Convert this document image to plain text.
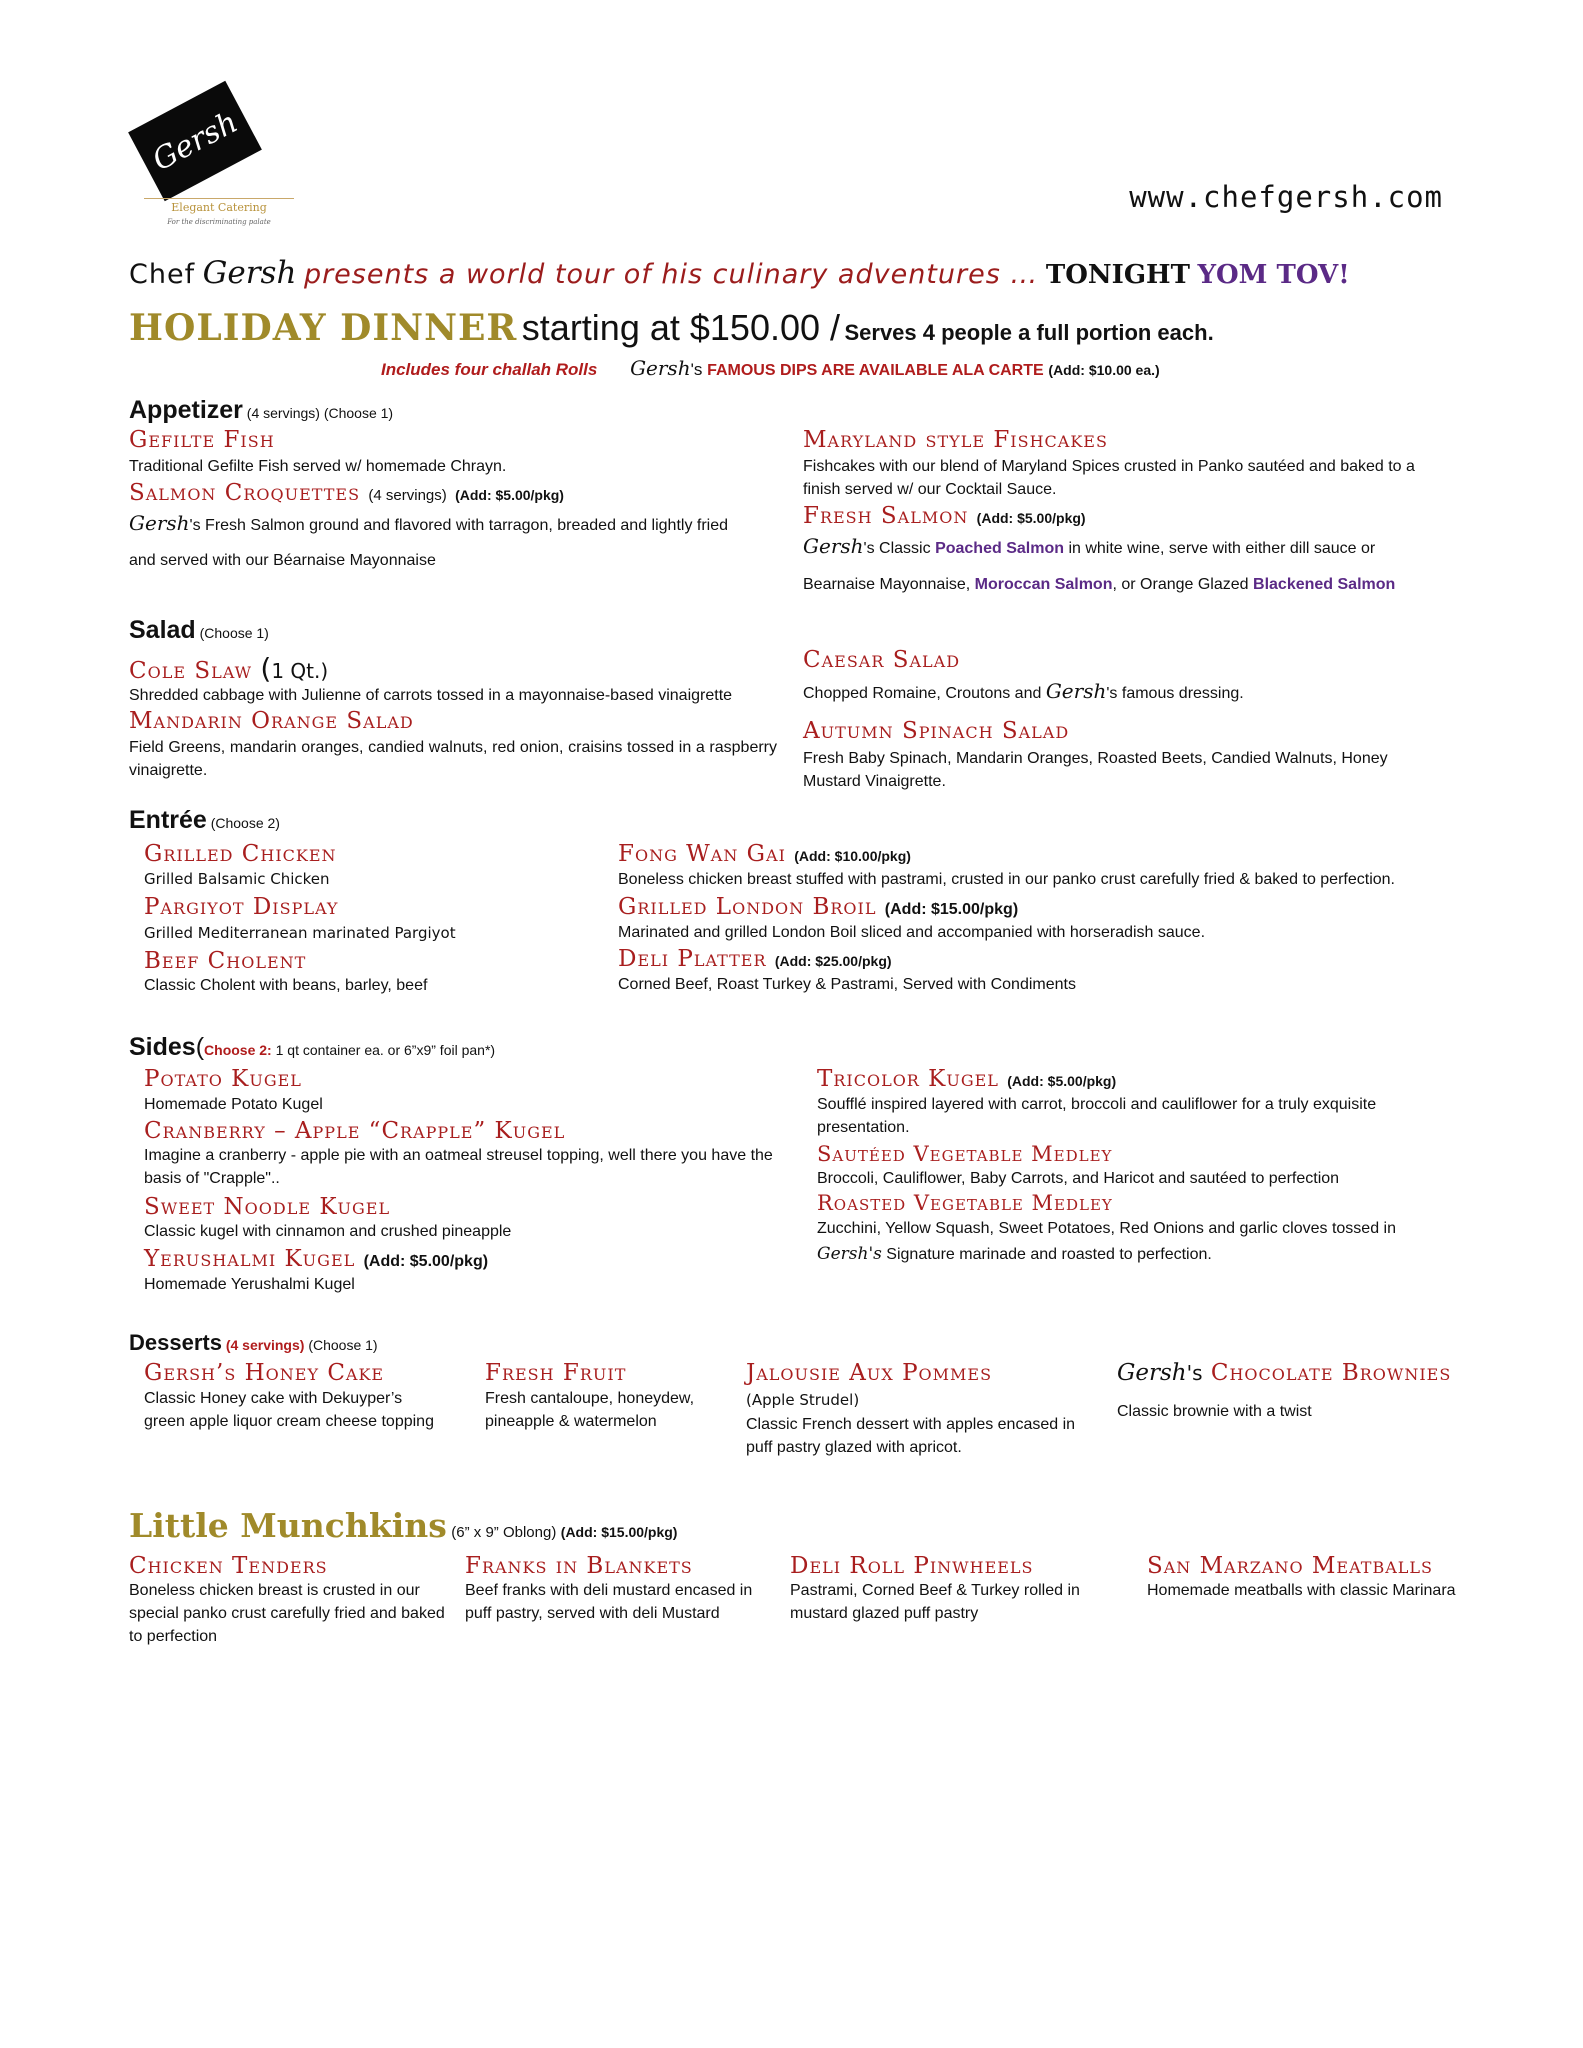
Gersh
Elegant Catering
For the discriminating palate
www.chefgersh.com
Chef Gersh presents a world tour of his culinary adventures … TONIGHT YOM TOV!
HOLIDAY DINNER starting at $150.00 / Serves 4 people a full portion each.
Includes four challah Rolls Gersh's FAMOUS DIPS ARE AVAILABLE ALA CARTE (Add: $10.00 ea.)
Appetizer (4 servings) (Choose 1)
Gefilte Fish
Traditional Gefilte Fish served w/ homemade Chrayn.
Salmon Croquettes (4 servings) (Add: $5.00/pkg)
Gersh's Fresh Salmon ground and flavored with tarragon, breaded and lightly fried
and served with our Béarnaise Mayonnaise
Maryland style Fishcakes
Fishcakes with our blend of Maryland Spices crusted in Panko sautéed and baked to a finish served w/ our Cocktail Sauce.
Fresh Salmon (Add: $5.00/pkg)
Gersh's Classic Poached Salmon in white wine, serve with either dill sauce or
Bearnaise Mayonnaise, Moroccan Salmon, or Orange Glazed Blackened Salmon
Salad (Choose 1)
Cole Slaw (1 Qt.)
Shredded cabbage with Julienne of carrots tossed in a mayonnaise-based vinaigrette
Mandarin Orange Salad
Field Greens, mandarin oranges, candied walnuts, red onion, craisins tossed in a raspberry vinaigrette.
Caesar Salad
Chopped Romaine, Croutons and Gersh's famous dressing.
Autumn Spinach Salad
Fresh Baby Spinach, Mandarin Oranges, Roasted Beets, Candied Walnuts, Honey Mustard Vinaigrette.
Entrée (Choose 2)
Grilled Chicken
Grilled Balsamic Chicken
Pargiyot Display
Grilled Mediterranean marinated Pargiyot
Beef Cholent
Classic Cholent with beans, barley, beef
Fong Wan Gai (Add: $10.00/pkg)
Boneless chicken breast stuffed with pastrami, crusted in our panko crust carefully fried & baked to perfection.
Grilled London Broil (Add: $15.00/pkg)
Marinated and grilled London Boil sliced and accompanied with horseradish sauce.
Deli Platter (Add: $25.00/pkg)
Corned Beef, Roast Turkey & Pastrami, Served with Condiments
Sides(Choose 2: 1 qt container ea. or 6”x9” foil pan*)
Potato Kugel
Homemade Potato Kugel
Cranberry – Apple “Crapple” Kugel
Imagine a cranberry - apple pie with an oatmeal streusel topping, well there you have the basis of "Crapple"..
Sweet Noodle Kugel
Classic kugel with cinnamon and crushed pineapple
Yerushalmi Kugel (Add: $5.00/pkg)
Homemade Yerushalmi Kugel
Tricolor Kugel (Add: $5.00/pkg)
Soufflé inspired layered with carrot, broccoli and cauliflower for a truly exquisite presentation.
Sautéed Vegetable Medley
Broccoli, Cauliflower, Baby Carrots, and Haricot and sautéed to perfection
Roasted Vegetable Medley
Zucchini, Yellow Squash, Sweet Potatoes, Red Onions and garlic cloves tossed in
Gersh's Signature marinade and roasted to perfection.
Desserts (4 servings) (Choose 1)
Gersh’s Honey Cake
Classic Honey cake with Dekuyper’s green apple liquor cream cheese topping
Fresh Fruit
Fresh cantaloupe, honeydew, pineapple & watermelon
Jalousie Aux Pommes
(Apple Strudel)
Classic French dessert with apples encased in puff pastry glazed with apricot.
Gersh's Chocolate Brownies
Classic brownie with a twist
Little Munchkins (6” x 9” Oblong) (Add: $15.00/pkg)
Chicken Tenders
Boneless chicken breast is crusted in our special panko crust carefully fried and baked to perfection
Franks in Blankets
Beef franks with deli mustard encased in puff pastry, served with deli Mustard
Deli Roll Pinwheels
Pastrami, Corned Beef & Turkey rolled in mustard glazed puff pastry
San Marzano Meatballs
Homemade meatballs with classic Marinara
